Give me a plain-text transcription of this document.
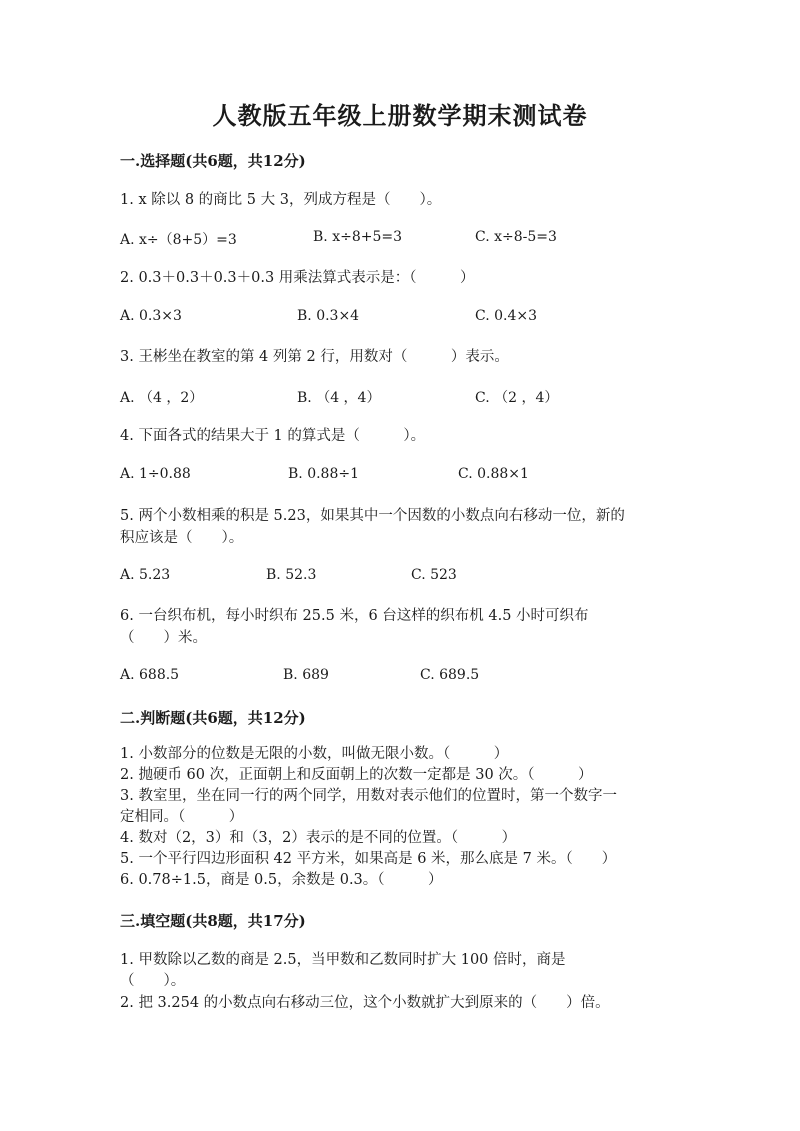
人教版五年级上册数学期末测试卷
一.选择题(共6题，共12分)
1. x 除以 8 的商比 5 大 3，列成方程是（　　）。
A. x÷（8+5）=3	B. x÷8+5=3	C. x÷8-5=3
2. 0.3＋0.3＋0.3＋0.3 用乘法算式表示是：（　　　）
A. 0.3×3	B. 0.3×4	C. 0.4×3
3. 王彬坐在教室的第 4 列第 2 行，用数对（　　　）表示。
A. （4 ，2）	B. （4 ，4）	C. （2 ，4）
4. 下面各式的结果大于 1 的算式是（　　　）。
A. 1÷0.88	B. 0.88÷1	C. 0.88×1
5. 两个小数相乘的积是 5.23，如果其中一个因数的小数点向右移动一位，新的
积应该是（　　）。
A. 5.23	B. 52.3	C. 523
6. 一台织布机，每小时织布 25.5 米，6 台这样的织布机 4.5 小时可织布
（　　）米。
A. 688.5	B. 689	C. 689.5
二.判断题(共6题，共12分)
1. 小数部分的位数是无限的小数，叫做无限小数。（　　　）
2. 抛硬币 60 次，正面朝上和反面朝上的次数一定都是 30 次。（　　　）
3. 教室里，坐在同一行的两个同学，用数对表示他们的位置时，第一个数字一
定相同。（　　　）
4. 数对（2，3）和（3，2）表示的是不同的位置。（　　　）
5. 一个平行四边形面积 42 平方米，如果高是 6 米，那么底是 7 米。（　　）
6. 0.78÷1.5，商是 0.5，余数是 0.3。（　　　）
三.填空题(共8题，共17分)
1. 甲数除以乙数的商是 2.5，当甲数和乙数同时扩大 100 倍时，商是
（　　）。
2. 把 3.254 的小数点向右移动三位，这个小数就扩大到原来的（　　）倍。
